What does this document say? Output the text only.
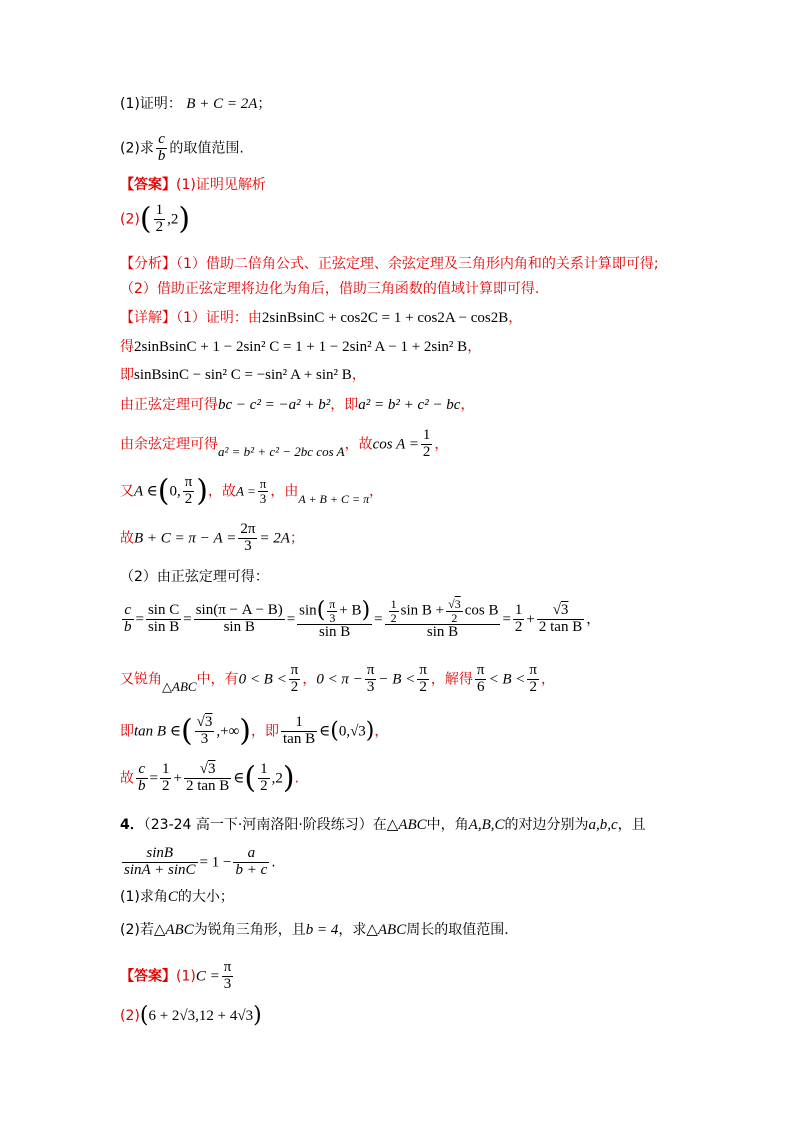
(1)证明： B + C = 2A；
(2)求 $\frac{c}{b}$ 的取值范围.
【答案】(1)证明见解析
$(2)( \frac{1}{2} ,2)$
【分析】（1）借助二倍角公式、正弦定理、余弦定理及三角形内角和的关系计算即可得;
（2）借助正弦定理将边化为角后，借助三角函数的值域计算即可得.
【详解】（1）证明：由2sinBsinC + cos2C = 1 + cos2A − cos2B，
得2sinBsinC + 1 − 2sin² C = 1 + 1 − 2sin² A − 1 + 2sin² B，
即sinBsinC − sin² C = −sin² A + sin² B，
由正弦定理可得bc − c² = −a² + b²，即a² = b² + c² − bc，
由余弦定理可得a² = b² + c² − 2bc cos A，故$\cos A = \frac{1}{2}$ ，
又A ∈(0, $\frac{\pi}{2}$ )，故$A = \frac{\pi}{3}$ ，由A + B + C = π，
故$B + C = \pi - A = \frac{2\pi}{3} = 2A$；
（2）由正弦定理可得：
$\frac{c}{b} = \frac{\text{sin C}}{\text{sin B}} = \frac{\sin(\pi - A - B)}{\text{sin B}} = \frac{\sin( \frac{\pi}{3} + B)}{\text{sin B}} = \frac{\frac{1}{2} \sin B + \frac{√3}{2} \cos B}{\text{sin B}} = \frac{1}{2} + \frac{√3}{\text{2 tan B}}$ ，
又锐角△ABC中，有$0 < B < \frac{\pi}{2}$ ，$0 < \pi - \frac{\pi}{3} - B < \frac{\pi}{2}$ ，解得 $\frac{\pi}{6} < B < \frac{\pi}{2}$ ，
即tan B ∈( $\frac{√3}{3}$ ,+∞)，即 $\frac{1}{\text{tan B}}$ ∈(0,√3)，
故 $\frac{c}{b} = \frac{1}{2} + \frac{√3}{\text{2 tan B}}$ ∈( $\frac{1}{2} ,2$).
4．（23-24 高一下·河南洛阳·阶段练习）在△ABC中，角A,B,C的对边分别为a,b,c，且
$\frac{\sin B}{\sin A + \sin C} = 1 - \frac{a}{b + c}$ .
(1)求角C的大小；
(2)若△ABC为锐角三角形，且b = 4，求△ABC周长的取值范围.
【答案】$(1)C = \frac{\pi}{3}$
(2)(6 + 2√3,12 + 4√3)
